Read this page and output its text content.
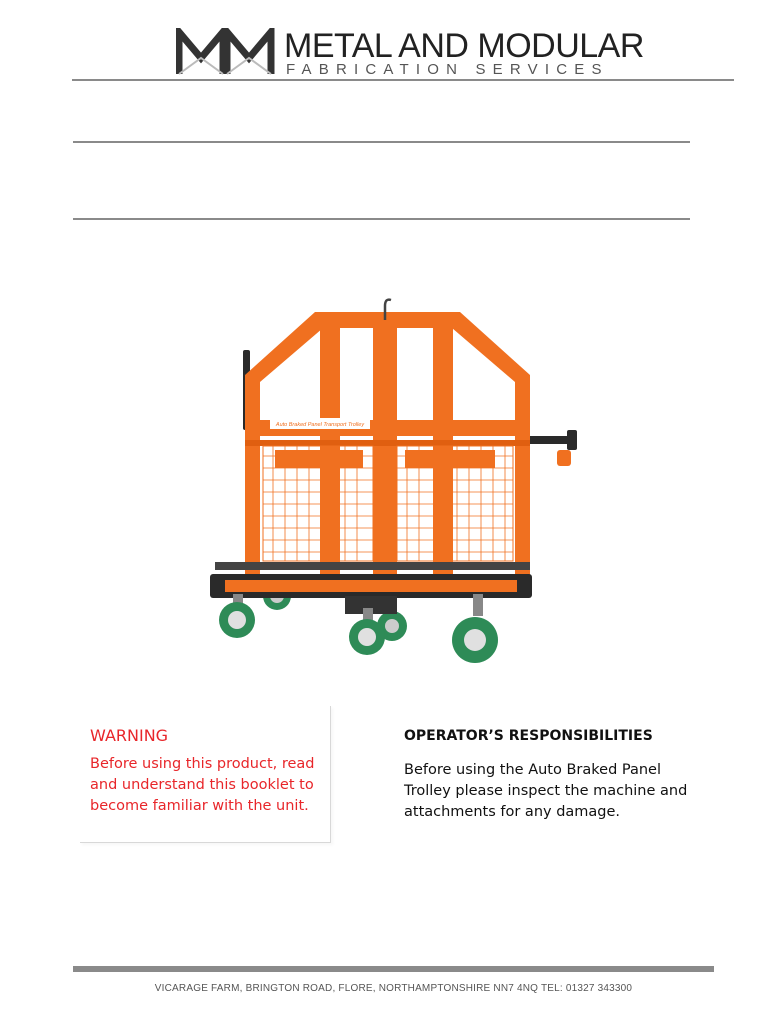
METAL AND MODULAR
FABRICATION SERVICES
Auto Braked Panel Transport Trolley
WARNING
Before using this product, read and understand this booklet to become familiar with the unit.
OPERATOR’S RESPONSIBILITIES
Before using the Auto Braked Panel Trolley please inspect the machine and attachments for any damage.
VICARAGE FARM, BRINGTON ROAD, FLORE, NORTHAMPTONSHIRE NN7 4NQ TEL: 01327 343300
